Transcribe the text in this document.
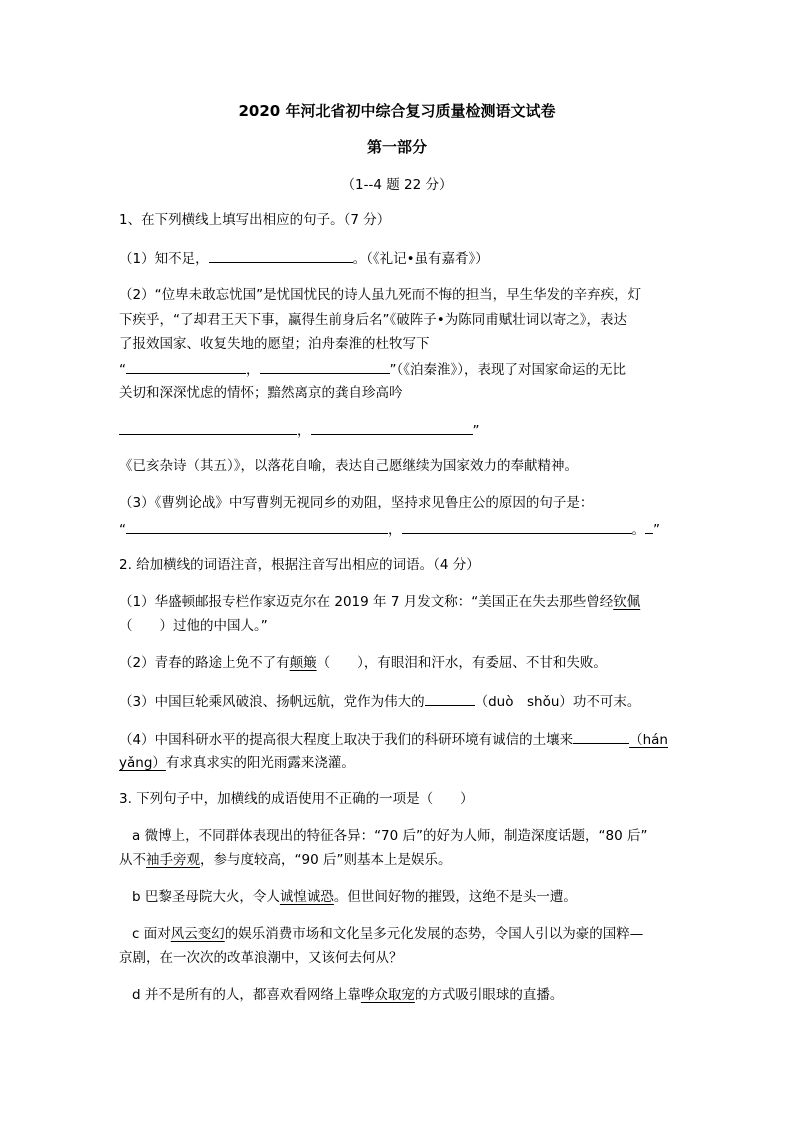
2020 年河北省初中综合复习质量检测语文试卷
第一部分
（1--4 题 22 分）
1、在下列横线上填写出相应的句子。（7 分）
（1）知不足，	。（《礼记•虽有嘉肴》）
（2）“位卑未敢忘忧国”是忧国忧民的诗人虽九死而不悔的担当，早生华发的辛弃疾，灯
下疾乎，“了却君王天下事，赢得生前身后名”《破阵子•为陈同甫赋壮词以寄之》，表达
了报效国家、收复失地的愿望；泊舟秦淮的杜牧写下
“	，	”（《泊秦淮》），表现了对国家命运的无比
关切和深深忧虑的情怀；黯然离京的龚自珍高吟
，	”
《已亥杂诗（其五）》，以落花自喻，表达自己愿继续为国家效力的奉献精神。
（3）《曹刿论战》中写曹刿无视同乡的劝阻，坚持求见鲁庄公的原因的句子是：
“	，	。 ”
2. 给加横线的词语注音，根据注音写出相应的词语。（4 分）
（1）华盛顿邮报专栏作家迈克尔在 2019 年 7 月发文称：“美国正在失去那些曾经钦佩
（　　）过他的中国人。”
（2）青春的路途上免不了有颠簸（　　），有眼泪和汗水，有委屈、不甘和失败。
（3）中国巨轮乘风破浪、扬帆远航，党作为伟大的	（duò　shǒu）功不可末。
（4）中国科研水平的提高很大程度上取决于我们的科研环境有诚信的土壤来	（hán
yǎng）有求真求实的阳光雨露来浇灌。
3. 下列句子中，加横线的成语使用不正确的一项是（　　）
a 微博上，不同群体表现出的特征各异：“70 后”的好为人师，制造深度话题，“80 后”
从不袖手旁观，参与度较高，“90 后”则基本上是娱乐。
b 巴黎圣母院大火，令人诚惶诚恐。但世间好物的摧毁，这绝不是头一遭。
c 面对风云变幻的娱乐消费市场和文化呈多元化发展的态势，令国人引以为豪的国粹—
京剧，在一次次的改革浪潮中，又该何去何从？
d 并不是所有的人，都喜欢看网络上靠哗众取宠的方式吸引眼球的直播。
